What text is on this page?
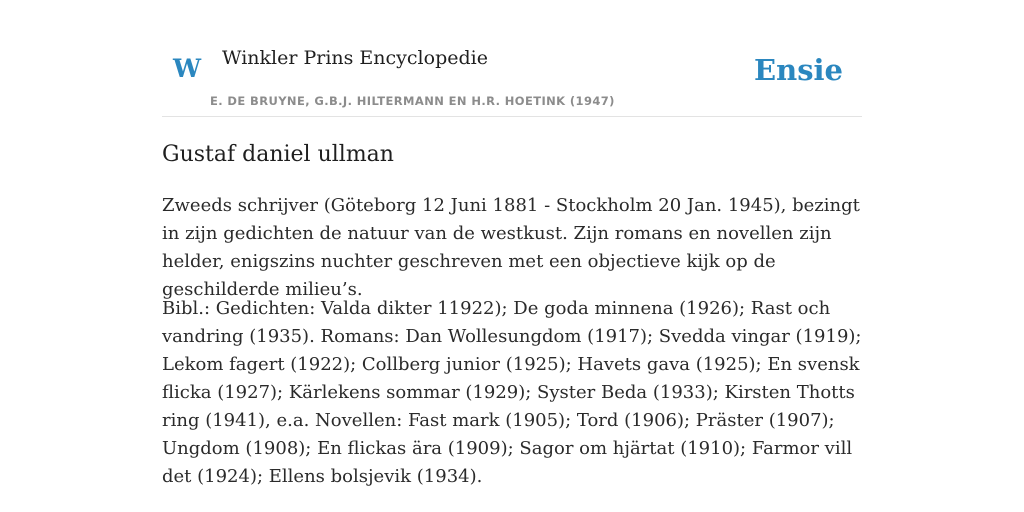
W Winkler Prins Encyclopedie
E. DE BRUYNE, G.B.J. HILTERMANN EN H.R. HOETINK (1947)
Ensie
Gustaf daniel ullman

Zweeds schrijver (Göteborg 12 Juni 1881 - Stockholm 20 Jan. 1945), bezingt in zijn gedichten de natuur van de westkust. Zijn romans en novellen zijn helder, enigszins nuchter geschreven met een objectieve kijk op de geschilderde milieu’s.

Bibl.: Gedichten: Valda dikter 11922); De goda minnena (1926); Rast och vandring (1935). Romans: Dan Wollesungdom (1917); Svedda vingar (1919); Lekom fagert (1922); Collberg junior (1925); Havets gava (1925); En svensk flicka (1927); Kärlekens sommar (1929); Syster Beda (1933); Kirsten Thotts ring (1941), e.a. Novellen: Fast mark (1905); Tord (1906); Präster (1907); Ungdom (1908); En flickas ära (1909); Sagor om hjärtat (1910); Farmor vill det (1924); Ellens bolsjevik (1934).
